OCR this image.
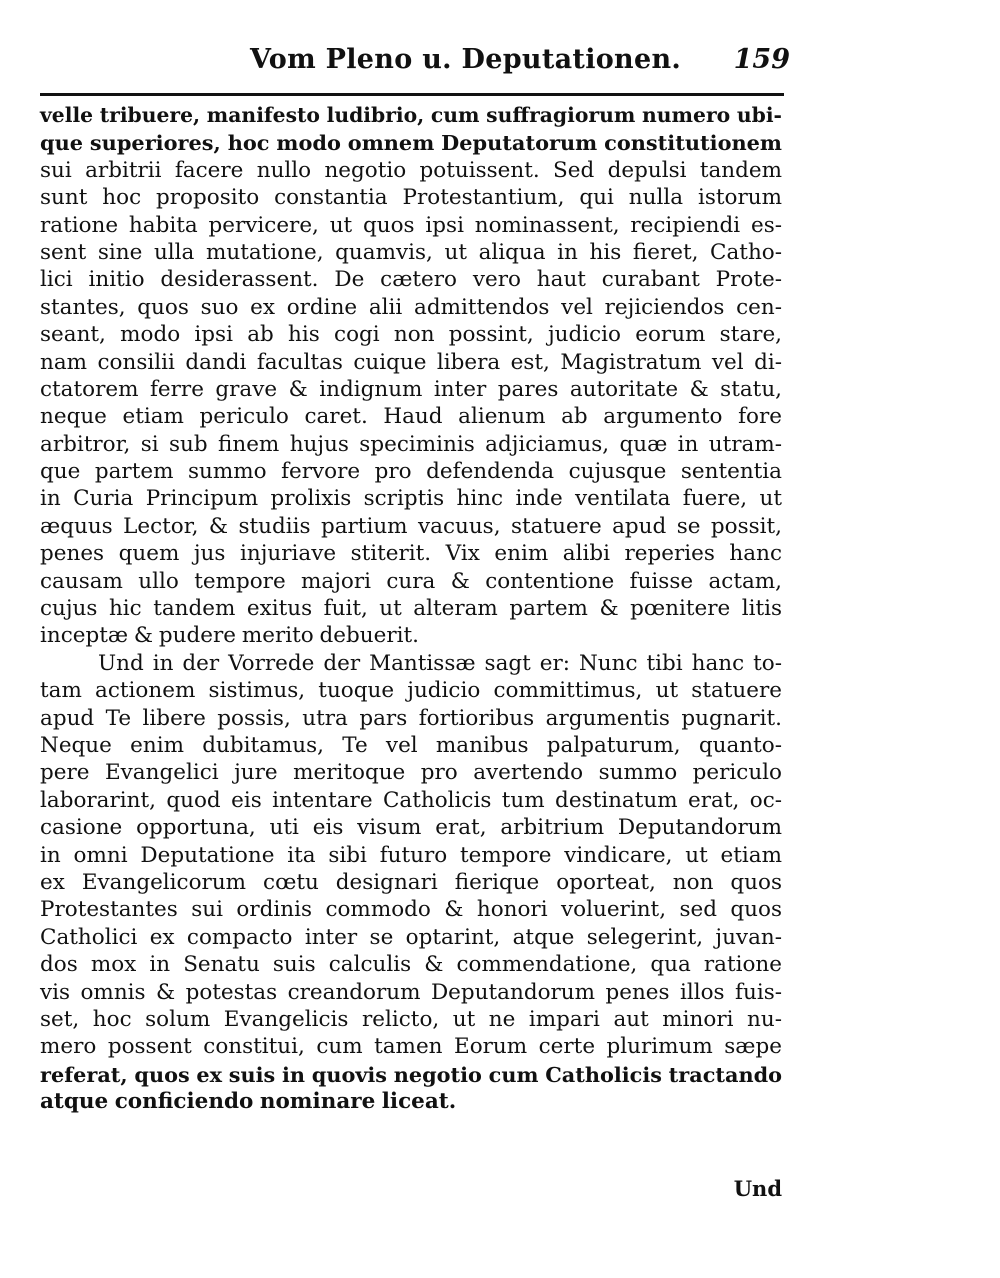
Vom Pleno u. Deputationen. 159
velle tribuere, manifesto ludibrio, cum suffragiorum numero ubi-
que superiores, hoc modo omnem Deputatorum constitutionem
sui arbitrii facere nullo negotio potuissent. Sed depulsi tandem
sunt hoc proposito constantia Protestantium, qui nulla istorum
ratione habita pervicere, ut quos ipsi nominassent, recipiendi es-
sent sine ulla mutatione, quamvis, ut aliqua in his fieret, Catho-
lici initio desiderassent. De cætero vero haut curabant Prote-
stantes, quos suo ex ordine alii admittendos vel rejiciendos cen-
seant, modo ipsi ab his cogi non possint, judicio eorum stare,
nam consilii dandi facultas cuique libera est, Magistratum vel di-
ctatorem ferre grave & indignum inter pares autoritate & statu,
neque etiam periculo caret. Haud alienum ab argumento fore
arbitror, si sub finem hujus speciminis adjiciamus, quæ in utram-
que partem summo fervore pro defendenda cujusque sententia
in Curia Principum prolixis scriptis hinc inde ventilata fuere, ut
æquus Lector, & studiis partium vacuus, statuere apud se possit,
penes quem jus injuriave stiterit. Vix enim alibi reperies hanc
causam ullo tempore majori cura & contentione fuisse actam,
cujus hic tandem exitus fuit, ut alteram partem & pœnitere litis
inceptæ & pudere merito debuerit.
Und in der Vorrede der Mantissæ sagt er: Nunc tibi hanc to-
tam actionem sistimus, tuoque judicio committimus, ut statuere
apud Te libere possis, utra pars fortioribus argumentis pugnarit.
Neque enim dubitamus, Te vel manibus palpaturum, quanto-
pere Evangelici jure meritoque pro avertendo summo periculo
laborarint, quod eis intentare Catholicis tum destinatum erat, oc-
casione opportuna, uti eis visum erat, arbitrium Deputandorum
in omni Deputatione ita sibi futuro tempore vindicare, ut etiam
ex Evangelicorum cœtu designari fierique oporteat, non quos
Protestantes sui ordinis commodo & honori voluerint, sed quos
Catholici ex compacto inter se optarint, atque selegerint, juvan-
dos mox in Senatu suis calculis & commendatione, qua ratione
vis omnis & potestas creandorum Deputandorum penes illos fuis-
set, hoc solum Evangelicis relicto, ut ne impari aut minori nu-
mero possent constitui, cum tamen Eorum certe plurimum sæpe
referat, quos ex suis in quovis negotio cum Catholicis tractando
atque conficiendo nominare liceat.
Und
